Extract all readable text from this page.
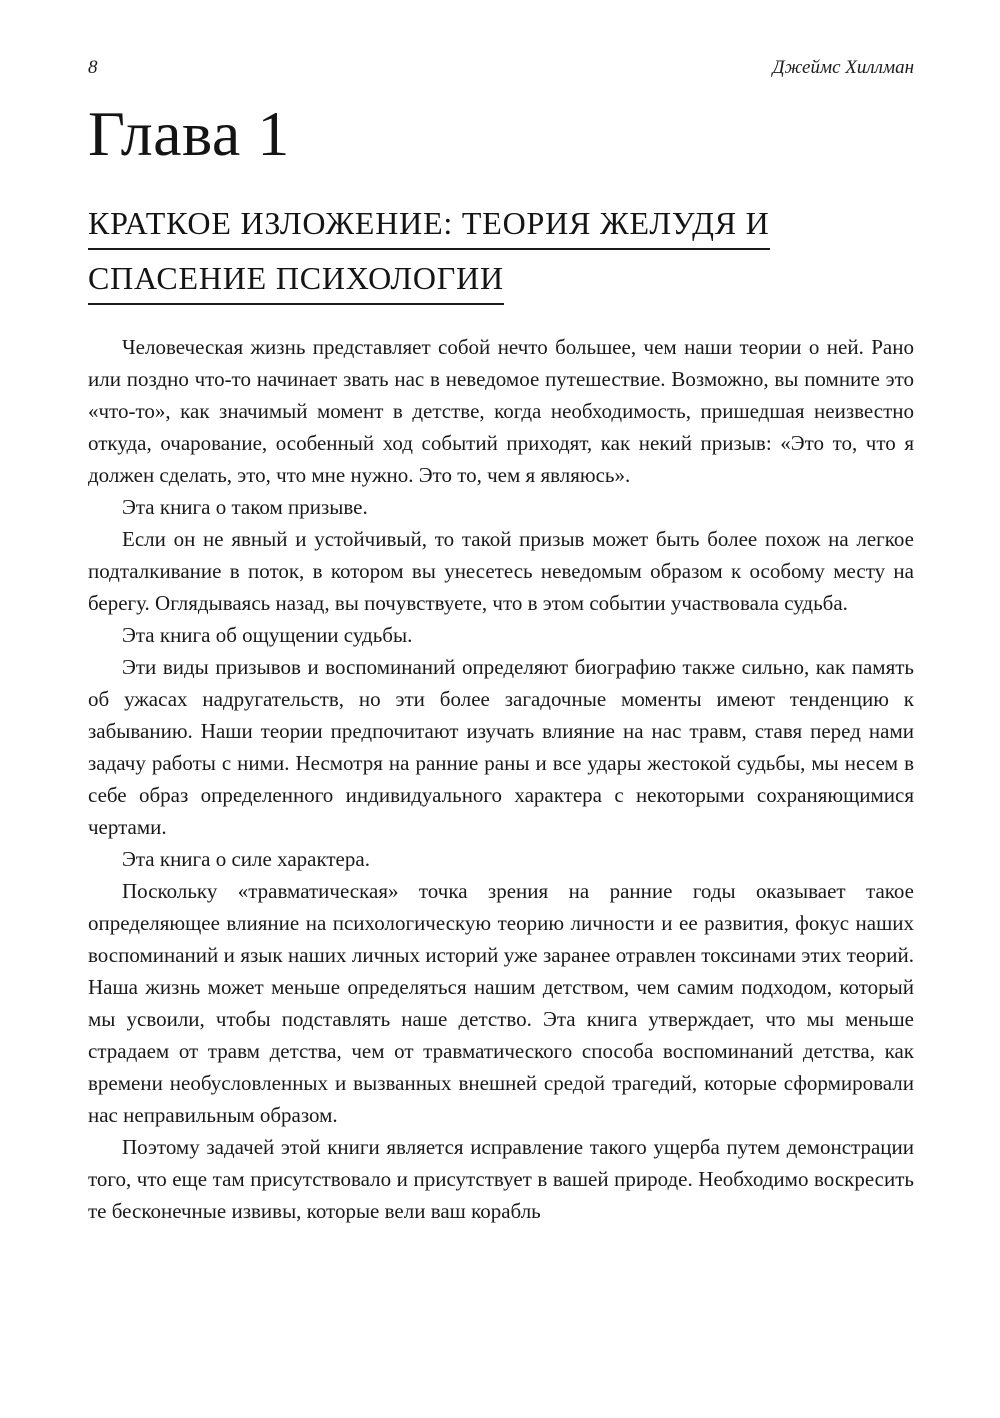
8	Джеймс Хиллман
Глава 1
КРАТКОЕ ИЗЛОЖЕНИЕ: ТЕОРИЯ ЖЕЛУДЯ И
СПАСЕНИЕ ПСИХОЛОГИИ

Человеческая жизнь представляет собой нечто большее, чем наши теории о ней. Рано или поздно что-то начинает звать нас в неведомое путешествие. Возможно, вы помните это «что-то», как значимый момент в детстве, когда необходимость, пришедшая неизвестно откуда, очарование, особенный ход событий приходят, как некий призыв: «Это то, что я должен сделать, это, что мне нужно. Это то, чем я являюсь».

Эта книга о таком призыве.

Если он не явный и устойчивый, то такой призыв может быть более похож на легкое подталкивание в поток, в котором вы унесетесь неведомым образом к особому месту на берегу. Оглядываясь назад, вы почувствуете, что в этом событии участвовала судьба.

Эта книга об ощущении судьбы.

Эти виды призывов и воспоминаний определяют биографию также сильно, как память об ужасах надругательств, но эти более загадочные моменты имеют тенденцию к забыванию. Наши теории предпочитают изучать влияние на нас травм, ставя перед нами задачу работы с ними. Несмотря на ранние раны и все удары жестокой судьбы, мы несем в себе образ определенного индивидуального характера с некоторыми сохраняющимися чертами.

Эта книга о силе характера.

Поскольку «травматическая» точка зрения на ранние годы оказывает такое определяющее влияние на психологическую теорию личности и ее развития, фокус наших воспоминаний и язык наших личных историй уже заранее отравлен токсинами этих теорий. Наша жизнь может меньше определяться нашим детством, чем самим подходом, который мы усвоили, чтобы подставлять наше детство. Эта книга утверждает, что мы меньше страдаем от травм детства, чем от травматического способа воспоминаний детства, как времени необусловленных и вызванных внешней средой трагедий, которые сформировали нас неправильным образом.

Поэтому задачей этой книги является исправление такого ущерба путем демонстрации того, что еще там присутствовало и присутствует в вашей природе. Необходимо воскресить те бесконечные извивы, которые вели ваш корабль
